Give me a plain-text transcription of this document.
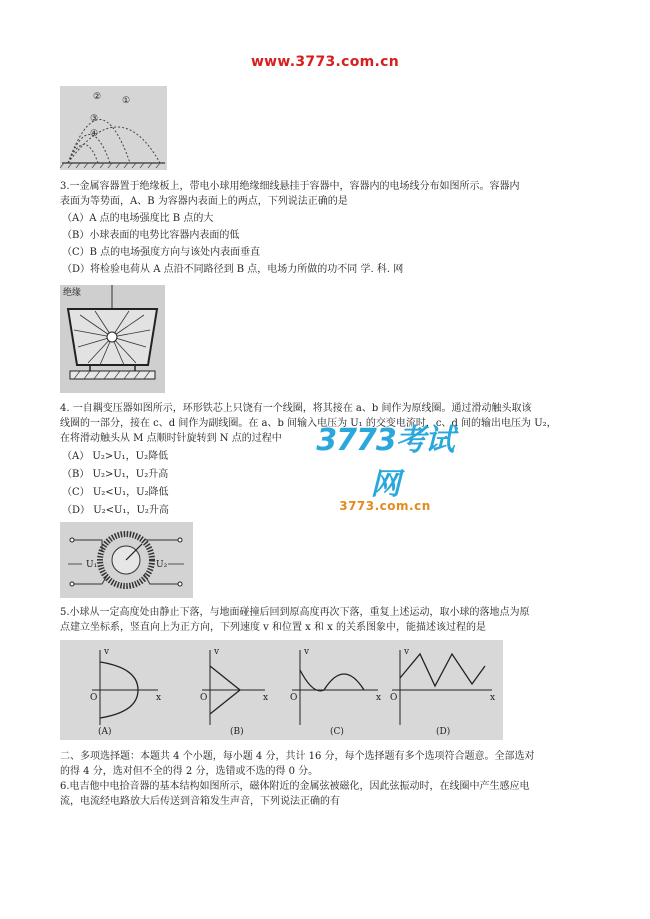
www.3773.com.cn
② ①
③
④
3.一金属容器置于绝缘板上，带电小球用绝缘细线悬挂于容器中，容器内的电场线分布如图所示。容器内
表面为等势面，A、B 为容器内表面上的两点，下列说法正确的是
（A）A 点的电场强度比 B 点的大
（B）小球表面的电势比容器内表面的低
（C）B 点的电场强度方向与该处内表面垂直
（D）将检验电荷从 A 点沿不同路径到 B 点，电场力所做的功不同 学. 科. 网
绝缘
4. 一自耦变压器如图所示，环形铁芯上只饶有一个线圈，将其接在 a、b 间作为原线圈。通过滑动触头取该
线圈的一部分，接在 c、d 间作为副线圈。在 a、b 间输入电压为 U₁ 的交变电流时，c、d 间的输出电压为 U₂，
在将滑动触头从 M 点顺时针旋转到 N 点的过程中
（A） U₂>U₁，U₂降低
（B） U₂>U₁，U₂升高
（C） U₂<U₁，U₂降低
（D） U₂<U₁，U₂升高
3773考试网
3773.com.cn
U₁	U₂
5.小球从一定高度处由静止下落，与地面碰撞后回到原高度再次下落，重复上述运动，取小球的落地点为原
点建立坐标系，竖直向上为正方向，下列速度 v 和位置 x 和 x 的关系图象中，能描述该过程的是
v
x
O
(A)
v
x
O
(B)
v
x
O
(C)
v
x
O
(D)
二、多项选择题：本题共 4 个小题，每小题 4 分，共计 16 分，每个选择题有多个选项符合题意。全部选对
的得 4 分，选对但不全的得 2 分，选错或不选的得 0 分。
6.电吉他中电拾音器的基本结构如图所示，磁体附近的金属弦被磁化，因此弦振动时，在线圈中产生感应电
流，电流经电路放大后传送到音箱发生声音，下列说法正确的有
